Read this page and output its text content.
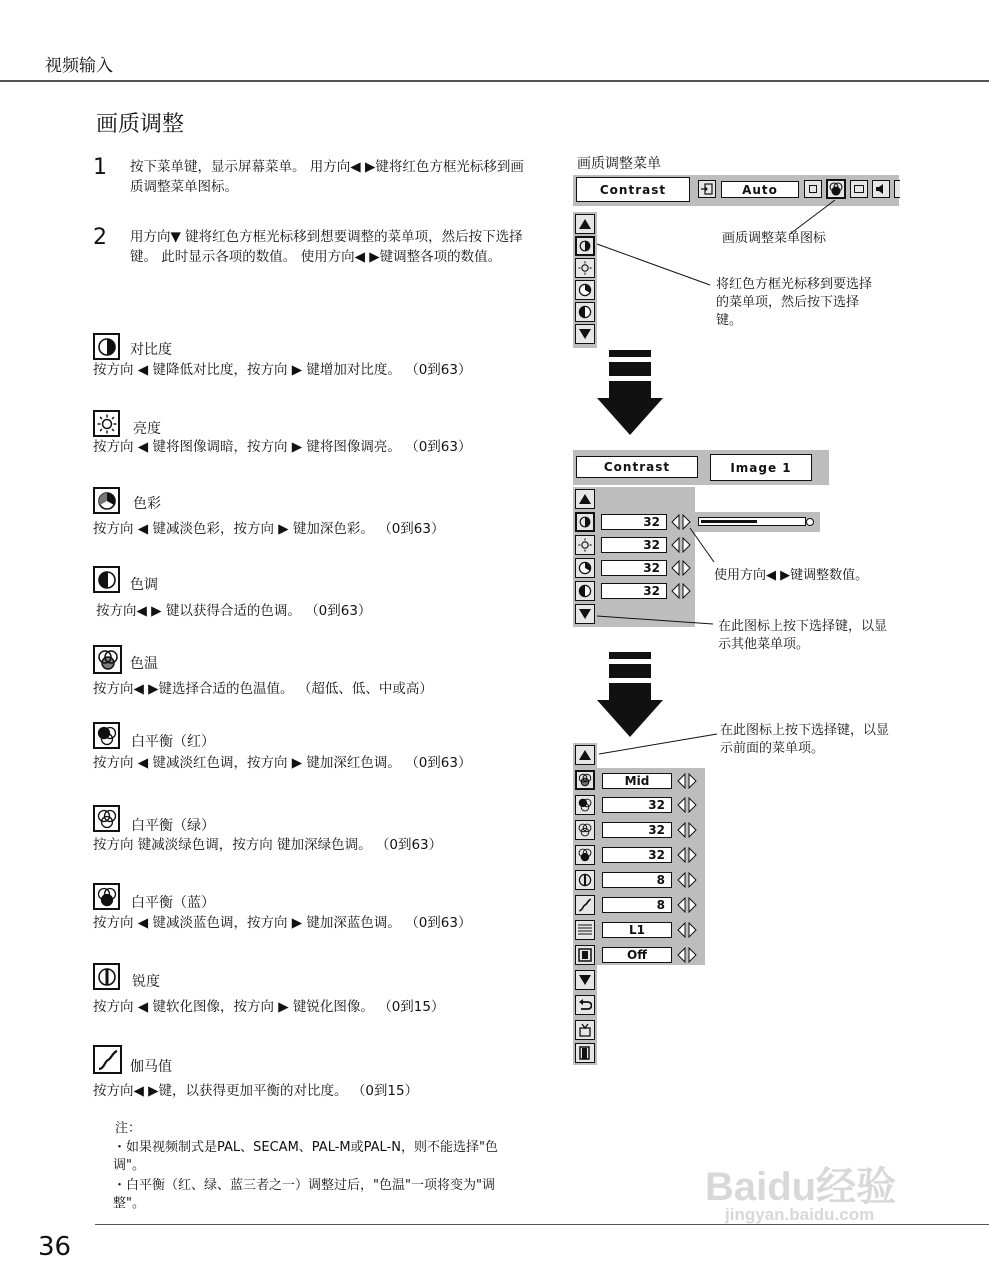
视频输入
画质调整
1 按下菜单键，显示屏幕菜单。 用方向◀ ▶键将红色方框光标移到画质调整菜单图标。
2 用方向▼ 键将红色方框光标移到想要调整的菜单项，然后按下选择键。 此时显示各项的数值。 使用方向◀ ▶键调整各项的数值。
对比度
按方向 ◀ 键降低对比度，按方向 ▶ 键增加对比度。 （0到63）
亮度
按方向 ◀ 键将图像调暗，按方向 ▶ 键将图像调亮。 （0到63）
色彩
按方向 ◀ 键减淡色彩，按方向 ▶ 键加深色彩。 （0到63）
色调
按方向◀ ▶ 键以获得合适的色调。 （0到63）
色温
按方向◀ ▶键选择合适的色温值。 （超低、低、中或高）
白平衡（红）
按方向 ◀ 键减淡红色调，按方向 ▶ 键加深红色调。 （0到63）
白平衡（绿）
按方向 键减淡绿色调，按方向 键加深绿色调。 （0到63）
白平衡（蓝）
按方向 ◀ 键减淡蓝色调，按方向 ▶ 键加深蓝色调。 （0到63）
锐度
按方向 ◀ 键软化图像，按方向 ▶ 键锐化图像。 （0到15）
伽马值
按方向◀ ▶键，以获得更加平衡的对比度。 （0到15）
注：
・如果视频制式是PAL、SECAM、PAL-M或PAL-N，则不能选择"色调"。
・白平衡（红、绿、蓝三者之一）调整过后，"色温"一项将变为"调整"。
36
画质调整菜单
Contrast	Auto
画质调整菜单图标
将红色方框光标移到要选择的菜单项，然后按下选择键。
Contrast	Image 1
32
32
32
32
使用方向◀ ▶键调整数值。
在此图标上按下选择键，以显示其他菜单项。
在此图标上按下选择键，以显示前面的菜单项。
Mid
32
32
32
8
8
L1
Off
Baidu经验
jingyan.baidu.com
